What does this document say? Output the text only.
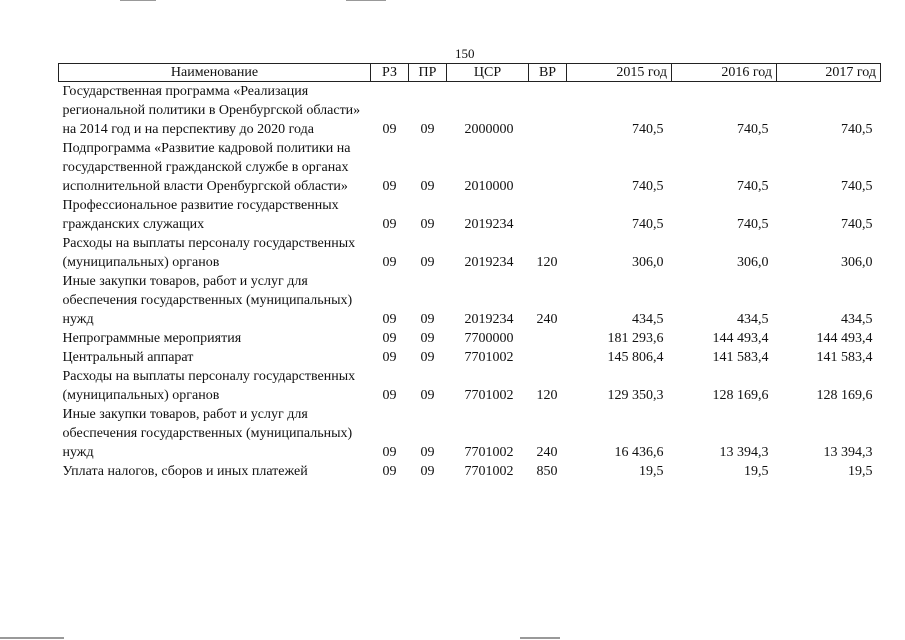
150
Наименование	РЗ	ПР	ЦСР	ВР	2015 год	2016 год	2017 год
Государственная программа «Реализация региональной политики в Оренбургской области» на 2014 год и на перспективу до 2020 года	09	09	2000000		740,5	740,5	740,5
Подпрограмма «Развитие кадровой политики на государственной гражданской службе в органах исполнительной власти Оренбургской области»	09	09	2010000		740,5	740,5	740,5
Профессиональное развитие государственных гражданских служащих	09	09	2019234		740,5	740,5	740,5
Расходы на выплаты персоналу государственных (муниципальных) органов	09	09	2019234	120	306,0	306,0	306,0
Иные закупки товаров, работ и услуг для обеспечения государственных (муниципальных) нужд	09	09	2019234	240	434,5	434,5	434,5
Непрограммные мероприятия	09	09	7700000		181 293,6	144 493,4	144 493,4
Центральный аппарат	09	09	7701002		145 806,4	141 583,4	141 583,4
Расходы на выплаты персоналу государственных (муниципальных) органов	09	09	7701002	120	129 350,3	128 169,6	128 169,6
Иные закупки товаров, работ и услуг для обеспечения государственных (муниципальных) нужд	09	09	7701002	240	16 436,6	13 394,3	13 394,3
Уплата налогов, сборов и иных платежей	09	09	7701002	850	19,5	19,5	19,5
